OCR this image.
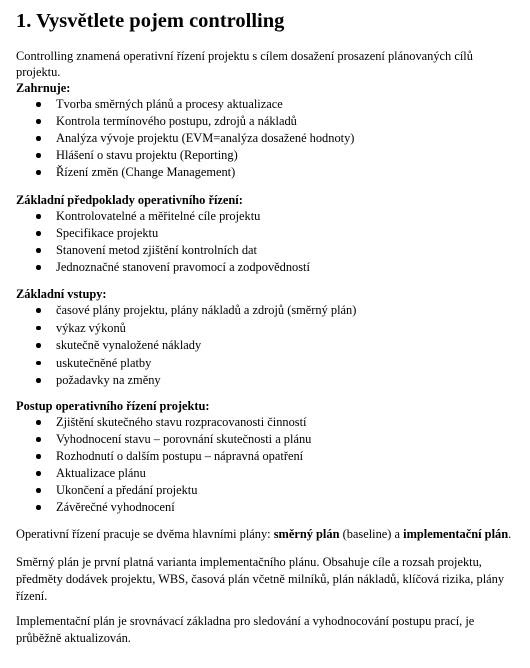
1. Vysvětlete pojem controlling

Controlling znamená operativní řízení projektu s cílem dosažení prosazení plánovaných cílů projektu.

Zahrnuje:

Tvorba směrných plánů a procesy aktualizace
Kontrola termínového postupu, zdrojů a nákladů
Analýza vývoje projektu (EVM=analýza dosažené hodnoty)
Hlášení o stavu projektu (Reporting)
Řízení změn (Change Management)

Základní předpoklady operativního řízení:

Kontrolovatelné a měřitelné cíle projektu
Specifikace projektu
Stanovení metod zjištění kontrolních dat
Jednoznačné stanovení pravomocí a zodpovědností

Základní vstupy:

časové plány projektu, plány nákladů a zdrojů (směrný plán)
výkaz výkonů
skutečně vynaložené náklady
uskutečněné platby
požadavky na změny

Postup operativního řízení projektu:

Zjištění skutečného stavu rozpracovanosti činností
Vyhodnocení stavu – porovnání skutečnosti a plánu
Rozhodnutí o dalším postupu – nápravná opatření
Aktualizace plánu
Ukončení a předání projektu
Závěrečné vyhodnocení

Operativní řízení pracuje se dvěma hlavními plány: směrný plán (baseline) a implementační plán.

Směrný plán je první platná varianta implementačního plánu. Obsahuje cíle a rozsah projektu, předměty dodávek projektu, WBS, časová plán včetně milníků, plán nákladů, klíčová rizika, plány řízení.

Implementační plán je srovnávací základna pro sledování a vyhodnocování postupu prací, je průběžně aktualizován.
